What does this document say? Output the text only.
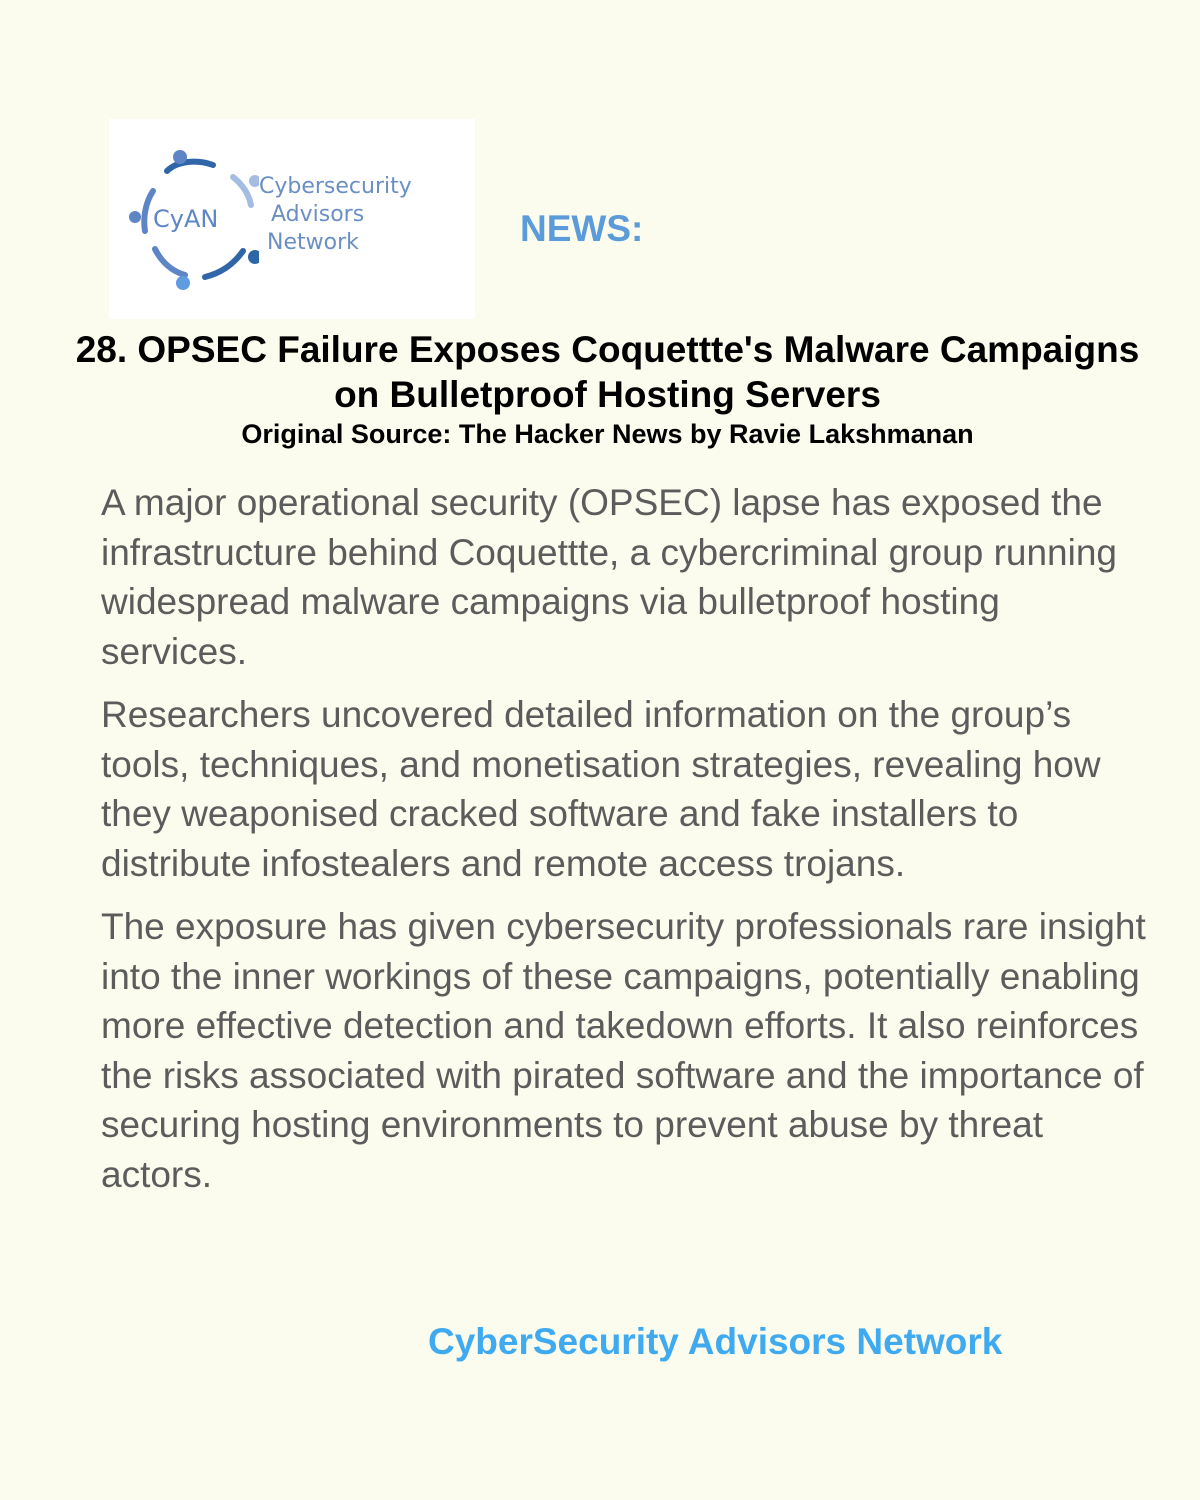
CyAN
Cybersecurity
Advisors
Network	NEWS:
28. OPSEC Failure Exposes Coquettte's Malware Campaigns on Bulletproof Hosting Servers
Original Source: The Hacker News by Ravie Lakshmanan

A major operational security (OPSEC) lapse has exposed the infrastructure behind Coquettte, a cybercriminal group running widespread malware campaigns via bulletproof hosting services.

Researchers uncovered detailed information on the group’s tools, techniques, and monetisation strategies, revealing how they weaponised cracked software and fake installers to distribute infostealers and remote access trojans.

The exposure has given cybersecurity professionals rare insight into the inner workings of these campaigns, potentially enabling more effective detection and takedown efforts. It also reinforces the risks associated with pirated software and the importance of securing hosting environments to prevent abuse by threat actors.

CyberSecurity Advisors Network
